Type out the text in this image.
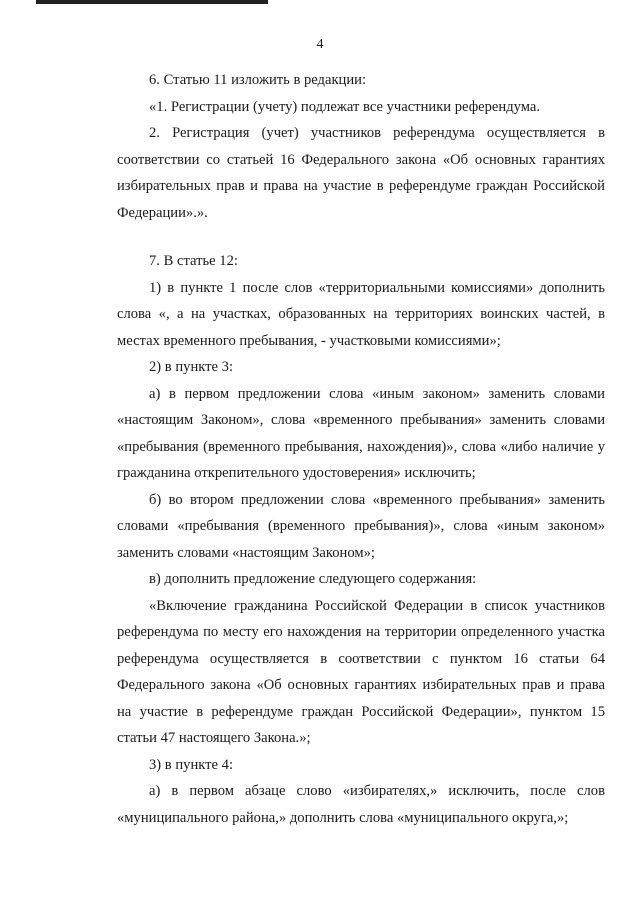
4

6. Статью 11 изложить в редакции:

«1. Регистрации (учету) подлежат все участники референдума.

2. Регистрация (учет) участников референдума осуществляется в соответствии со статьей 16 Федерального закона «Об основных гарантиях избирательных прав и права на участие в референдуме граждан Российской Федерации».».

7. В статье 12:

1) в пункте 1 после слов «территориальными комиссиями» дополнить слова «, а на участках, образованных на территориях воинских частей, в местах временного пребывания, - участковыми комиссиями»;

2) в пункте 3:

а) в первом предложении слова «иным законом» заменить словами «настоящим Законом», слова «временного пребывания» заменить словами «пребывания (временного пребывания, нахождения)», слова «либо наличие у гражданина открепительного удостоверения» исключить;

б) во втором предложении слова «временного пребывания» заменить словами «пребывания (временного пребывания)», слова «иным законом» заменить словами «настоящим Законом»;

в) дополнить предложение следующего содержания:

«Включение гражданина Российской Федерации в список участников референдума по месту его нахождения на территории определенного участка референдума осуществляется в соответствии с пунктом 16 статьи 64 Федерального закона «Об основных гарантиях избирательных прав и права на участие в референдуме граждан Российской Федерации», пунктом 15 статьи 47 настоящего Закона.»;

3) в пункте 4:

а) в первом абзаце слово «избирателях,» исключить, после слов «муниципального района,» дополнить слова «муниципального округа,»;
